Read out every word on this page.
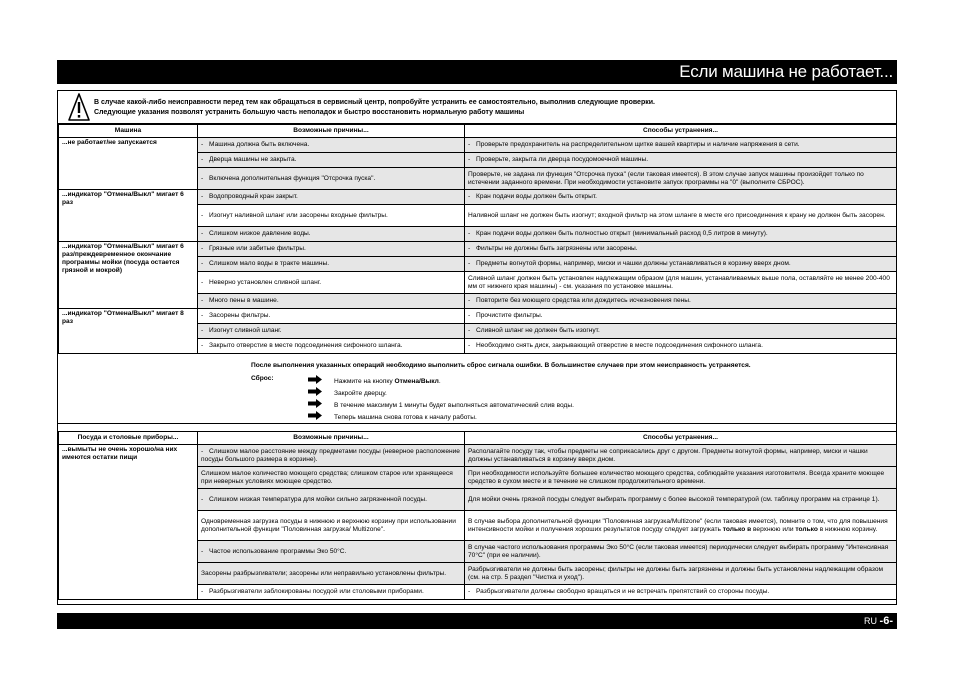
Если машина не работает...
В случае какой-либо неисправности перед тем как обращаться в сервисный центр, попробуйте устранить ее самостоятельно, выполнив следующие проверки.
Следующие указания позволят устранить большую часть неполадок и быстро восстановить нормальную работу машины
Машина	Возможные причины...	Способы устранения...
...не работает/не запускается	- Машина должна быть включена.	- Проверьте предохранитель на распределительном щитке вашей квартиры и наличие напряжения в сети.
	- Дверца машины не закрыта.	- Проверьте, закрыта ли дверца посудомоечной машины.
	- Включена дополнительная функция "Отсрочка пуска".	Проверьте, не задана ли функция "Отсрочка пуска" (если таковая имеется). В этом случае запуск машины произойдет только по истечении заданного времени. При необходимости установите запуск программы на "0" (выполните СБРОС).
...индикатор "Отмена/Выкл" мигает 6 раз	- Водопроводный кран закрыт.	- Кран подачи воды должен быть открыт.
	- Изогнут наливной шланг или засорены входные фильтры.	Наливной шланг не должен быть изогнут; входной фильтр на этом шланге в месте его присоединения к крану не должен быть засорен.
	- Слишком низкое давление воды.	- Кран подачи воды должен быть полностью открыт (минимальный расход 0,5 литров в минуту).
...индикатор "Отмена/Выкл" мигает 6 раз/преждевременное окончание программы мойки (посуда остается грязной и мокрой)	- Грязные или забитые фильтры.	- Фильтры не должны быть загрязнены или засорены.
	- Слишком мало воды в тракте машины.	- Предметы вогнутой формы, например, миски и чашки должны устанавливаться в корзину вверх дном.
	- Неверно установлен сливной шланг.	Сливной шланг должен быть установлен надлежащим образом (для машин, устанавливаемых выше пола, оставляйте не менее 200-400 мм от нижнего края машины) - см. указания по установке машины.
	- Много пены в машине.	- Повторите без моющего средства или дождитесь исчезновения пены.
...индикатор "Отмена/Выкл" мигает 8 раз	- Засорены фильтры.	- Прочистите фильтры.
	- Изогнут сливной шланг.	- Сливной шланг не должен быть изогнут.
	- Закрыто отверстие в месте подсоединения сифонного шланга.	- Необходимо снять диск, закрывающий отверстие в месте подсоединения сифонного шланга.
После выполнения указанных операций необходимо выполнить сброс сигнала ошибки. В большинстве случаев при этом неисправность устраняется.
Сброс:	Нажмите на кнопку Отмена/Выкл.
Закройте дверцу.
В течение максимум 1 минуты будет выполняться автоматический слив воды.
Теперь машина снова готова к началу работы.
Посуда и столовые приборы...	Возможные причины...	Способы устранения...
...вымыты не очень хорошо/на них имеются остатки пищи	- Слишком малое расстояние между предметами посуды (неверное расположение посуды большого размера в корзине).	Располагайте посуду так, чтобы предметы не соприкасались друг с другом. Предметы вогнутой формы, например, миски и чашки должны устанавливаться в корзину вверх дном.
	Слишком малое количество моющего средства; слишком старое или хранящееся при неверных условиях моющее средство.	При необходимости используйте большее количество моющего средства, соблюдайте указания изготовителя. Всегда храните моющее средство в сухом месте и в течение не слишком продолжительного времени.
	- Слишком низкая температура для мойки сильно загрязненной посуды.	Для мойки очень грязной посуды следует выбирать программу с более высокой температурой (см. таблицу программ на странице 1).
	Одновременная загрузка посуды в нижнюю и верхнюю корзину при использовании дополнительной функции "Половинная загрузка/ Multizone".	В случае выбора дополнительной функции "Половинная загрузка/Multizone" (если таковая имеется), помните о том, что для повышения интенсивности мойки и получения хороших результатов посуду следует загружать только в верхнюю или только в нижнюю корзину.
	- Частое использование программы Эко 50°C.	В случае частого использования программы Эко 50°C (если таковая имеется) периодически следует выбирать программу "Интенсивная 70°C" (при ее наличии).
	Засорены разбрызгиватели; засорены или неправильно установлены фильтры.	Разбрызгиватели не должны быть засорены; фильтры не должны быть загрязнены и должны быть установлены надлежащим образом (см. на стр. 5 раздел "Чистка и уход").
	- Разбрызгиватели заблокированы посудой или столовыми приборами.	- Разбрызгиватели должны свободно вращаться и не встречать препятствий со стороны посуды.
RU -6-
